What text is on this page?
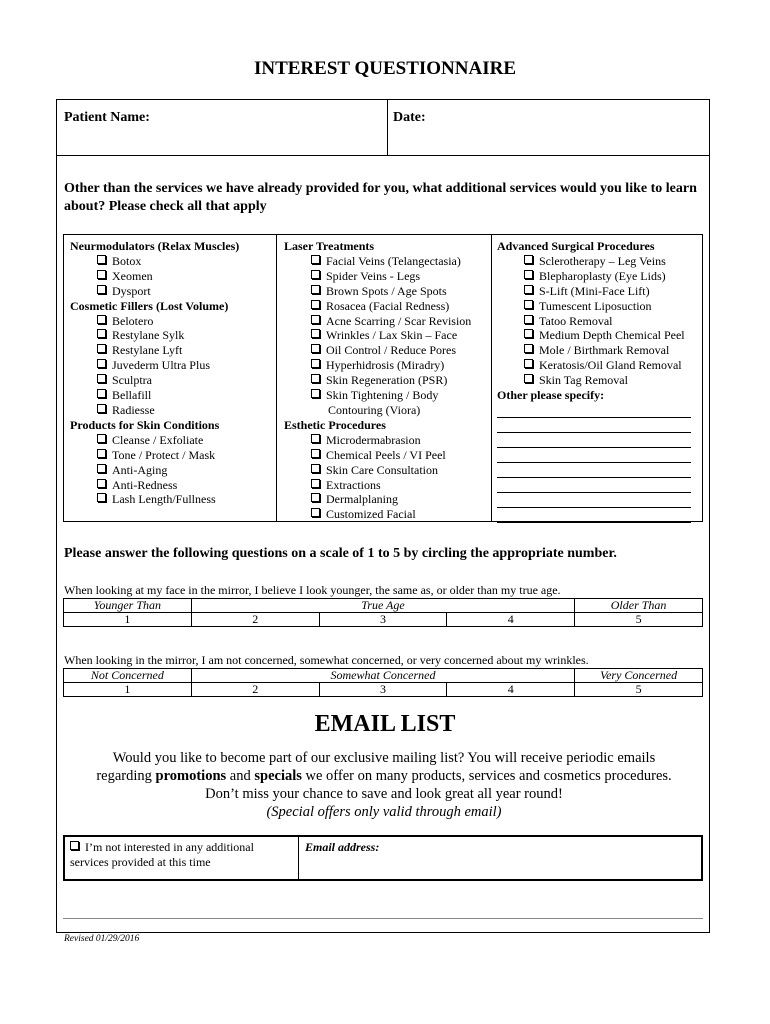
INTEREST QUESTIONNAIRE
Patient Name:	Date:
Other than the services we have already provided for you, what additional services would you like to learn about? Please check all that apply
Neurmodulators (Relax Muscles)
Botox
Xeomen
Dysport
Cosmetic Fillers (Lost Volume)
Belotero
Restylane Sylk
Restylane Lyft
Juvederm Ultra Plus
Sculptra
Bellafill
Radiesse
Products for Skin Conditions
Cleanse / Exfoliate
Tone / Protect / Mask
Anti-Aging
Anti-Redness
Lash Length/Fullness
Laser Treatments
Facial Veins (Telangectasia)
Spider Veins - Legs
Brown Spots / Age Spots
Rosacea (Facial Redness)
Acne Scarring / Scar Revision
Wrinkles / Lax Skin – Face
Oil Control / Reduce Pores
Hyperhidrosis (Miradry)
Skin Regeneration (PSR)
Skin Tightening / Body
Contouring (Viora)
Esthetic Procedures
Microdermabrasion
Chemical Peels / VI Peel
Skin Care Consultation
Extractions
Dermalplaning
Customized Facial
Advanced Surgical Procedures
Sclerotherapy – Leg Veins
Blepharoplasty (Eye Lids)
S-Lift (Mini-Face Lift)
Tumescent Liposuction
Tatoo Removal
Medium Depth Chemical Peel
Mole / Birthmark Removal
Keratosis/Oil Gland Removal
Skin Tag Removal
Other please specify:
Please answer the following questions on a scale of 1 to 5 by circling the appropriate number.
When looking at my face in the mirror, I believe I look younger, the same as, or older than my true age.
Younger Than	True Age			Older Than
1	2	3	4	5
When looking in the mirror, I am not concerned, somewhat concerned, or very concerned about my wrinkles.
Not Concerned	Somewhat Concerned			Very Concerned
1	2	3	4	5
EMAIL LIST
Would you like to become part of our exclusive mailing list? You will receive periodic emails
regarding promotions and specials we offer on many products, services and cosmetics procedures.
Don’t miss your chance to save and look great all year round!
(Special offers only valid through email)
I’m not interested in any additional services provided at this time
Email address:
Revised 01/29/2016
